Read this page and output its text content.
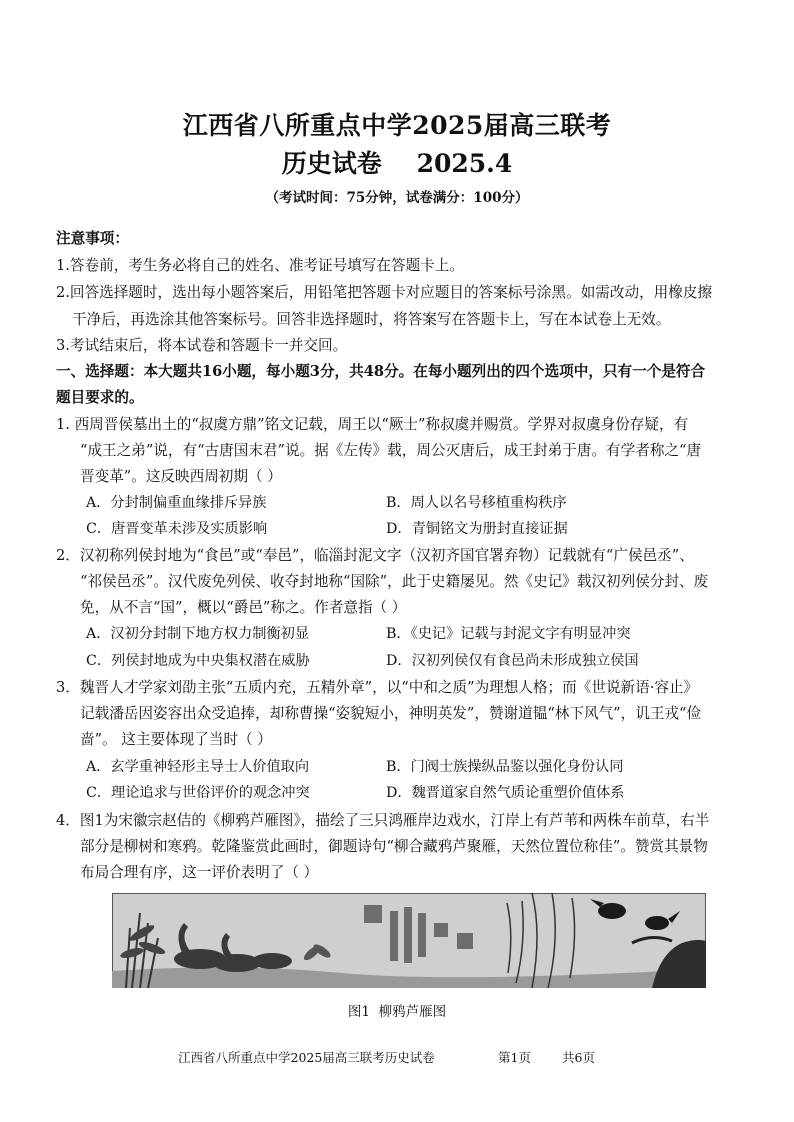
江西省八所重点中学2025届高三联考
历史试卷    2025.4
（考试时间：75分钟，试卷满分：100分）
注意事项：
1.答卷前，考生务必将自己的姓名、准考证号填写在答题卡上。
2.回答选择题时，选出每小题答案后，用铅笔把答题卡对应题目的答案标号涂黑。如需改动，用橡皮擦
干净后，再选涂其他答案标号。回答非选择题时，将答案写在答题卡上，写在本试卷上无效。
3.考试结束后，将本试卷和答题卡一并交回。
一、选择题：本大题共16小题，每小题3分，共48分。在每小题列出的四个选项中，只有一个是符合
题目要求的。
1. 西周晋侯墓出土的“叔虞方鼎”铭文记载，周王以“厥士”称叔虞并赐赏。学界对叔虞身份存疑，有
“成王之弟”说，有“古唐国末君”说。据《左传》载，周公灭唐后，成王封弟于唐。有学者称之“唐
晋变革”。这反映西周初期（ ）
A．分封制偏重血缘排斥异族	B．周人以名号移植重构秩序
C．唐晋变革未涉及实质影响	D．青铜铭文为册封直接证据
2．汉初称列侯封地为“食邑”或“奉邑”，临淄封泥文字（汉初齐国官署弃物）记载就有“广侯邑丞”、
“祁侯邑丞”。汉代废免列侯、收夺封地称“国除”，此于史籍屡见。然《史记》载汉初列侯分封、废
免，从不言“国”，概以“爵邑”称之。作者意指（ ）
A．汉初分封制下地方权力制衡初显	B．《史记》记载与封泥文字有明显冲突
C．列侯封地成为中央集权潜在威胁	D．汉初列侯仅有食邑尚未形成独立侯国
3．魏晋人才学家刘劭主张“五质内充，五精外章”，以“中和之质”为理想人格；而《世说新语·容止》
记载潘岳因姿容出众受追捧，却称曹操“姿貌短小，神明英发”，赞谢道韫“林下风气”，讥王戎“俭
啬”。 这主要体现了当时（ ）
A．玄学重神轻形主导士人价值取向	B．门阀士族操纵品鉴以强化身份认同
C．理论追求与世俗评价的观念冲突	D．魏晋道家自然气质论重塑价值体系
4．图1为宋徽宗赵佶的《柳鸦芦雁图》，描绘了三只鸿雁岸边戏水，汀岸上有芦苇和两株车前草，右半
部分是柳树和寒鸦。乾隆鉴赏此画时，御题诗句“柳合藏鸦芦聚雁，天然位置位称佳”。赞赏其景物
布局合理有序，这一评价表明了（ ）
图1  柳鸦芦雁图
江西省八所重点中学2025届高三联考历史试卷	第1页 共6页
